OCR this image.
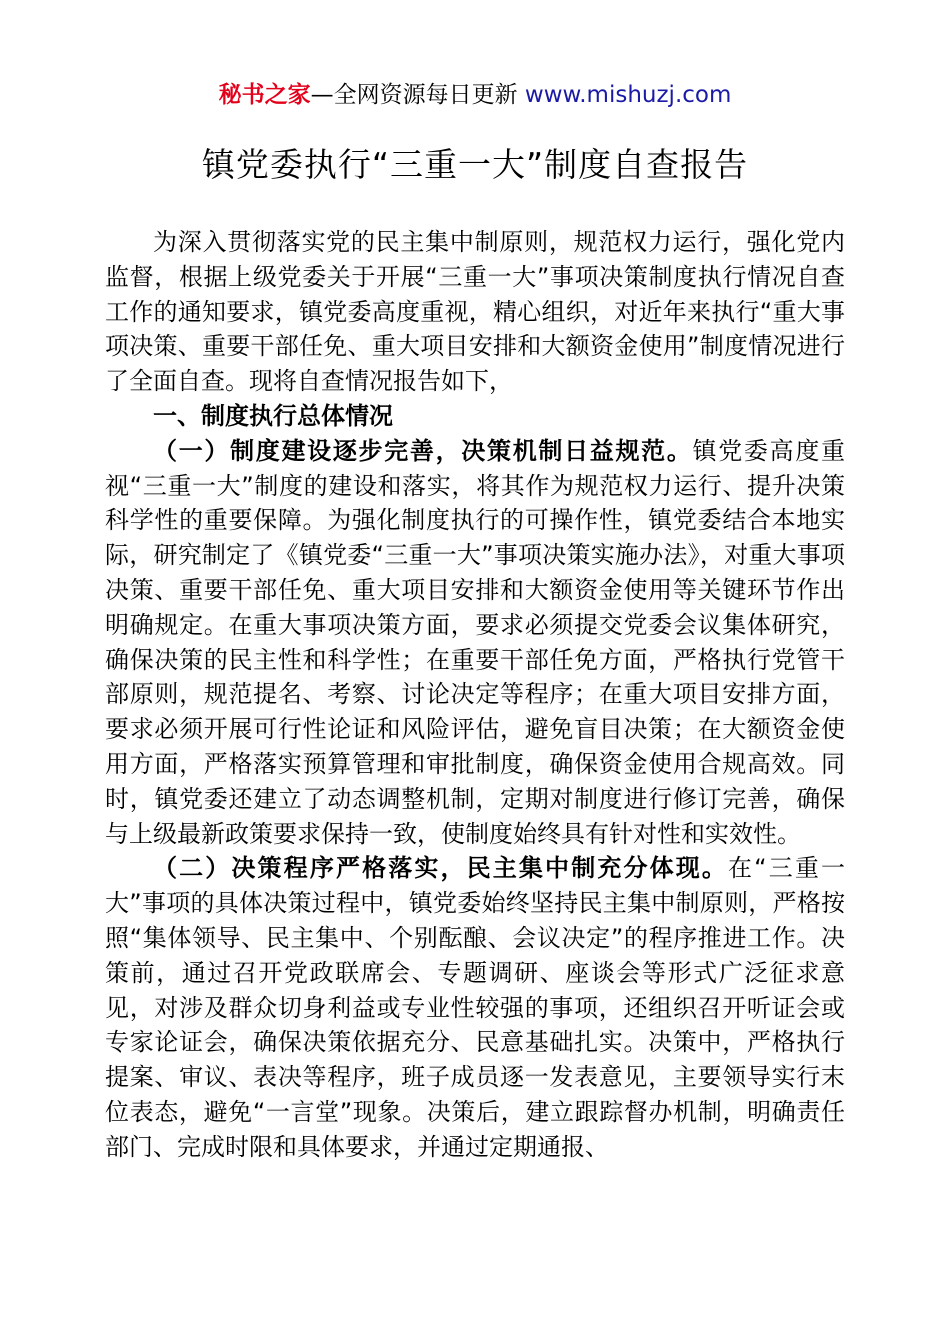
秘书之家—全网资源每日更新 www.mishuzj.com
镇党委执行“三重一大”制度自查报告

为深入贯彻落实党的民主集中制原则，规范权力运行，强化党内监督，根据上级党委关于开展“三重一大”事项决策制度执行情况自查工作的通知要求，镇党委高度重视，精心组织，对近年来执行“重大事项决策、重要干部任免、重大项目安排和大额资金使用”制度情况进行了全面自查。现将自查情况报告如下，

一、制度执行总体情况

（一）制度建设逐步完善，决策机制日益规范。镇党委高度重视“三重一大”制度的建设和落实，将其作为规范权力运行、提升决策科学性的重要保障。为强化制度执行的可操作性，镇党委结合本地实际，研究制定了《镇党委“三重一大”事项决策实施办法》，对重大事项决策、重要干部任免、重大项目安排和大额资金使用等关键环节作出明确规定。在重大事项决策方面，要求必须提交党委会议集体研究，确保决策的民主性和科学性；在重要干部任免方面，严格执行党管干部原则，规范提名、考察、讨论决定等程序；在重大项目安排方面，要求必须开展可行性论证和风险评估，避免盲目决策；在大额资金使用方面，严格落实预算管理和审批制度，确保资金使用合规高效。同时，镇党委还建立了动态调整机制，定期对制度进行修订完善，确保与上级最新政策要求保持一致，使制度始终具有针对性和实效性。

（二）决策程序严格落实，民主集中制充分体现。在“三重一大”事项的具体决策过程中，镇党委始终坚持民主集中制原则，严格按照“集体领导、民主集中、个别酝酿、会议决定”的程序推进工作。决策前，通过召开党政联席会、专题调研、座谈会等形式广泛征求意见，对涉及群众切身利益或专业性较强的事项，还组织召开听证会或专家论证会，确保决策依据充分、民意基础扎实。决策中，严格执行提案、审议、表决等程序，班子成员逐一发表意见，主要领导实行末位表态，避免“一言堂”现象。决策后，建立跟踪督办机制，明确责任部门、完成时限和具体要求，并通过定期通报、
